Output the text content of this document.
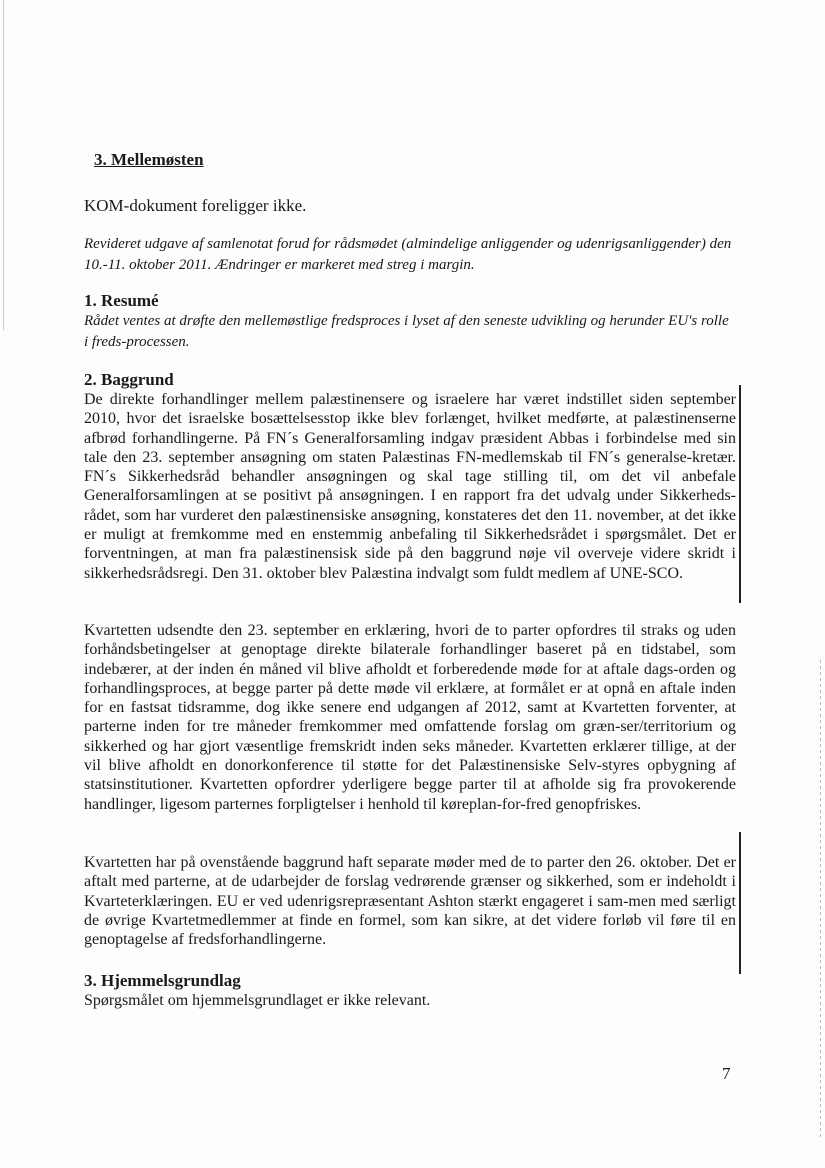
3. Mellemøsten

KOM-dokument foreligger ikke.

Revideret udgave af samlenotat forud for rådsmødet (almindelige anliggender og udenrigsanliggender) den 10.-11. oktober 2011. Ændringer er markeret med streg i margin.

1. Resumé

Rådet ventes at drøfte den mellemøstlige fredsproces i lyset af den seneste udvikling og herunder EU's rolle i freds-processen.

2. Baggrund

De direkte forhandlinger mellem palæstinensere og israelere har været indstillet siden september 2010, hvor det israelske bosættelsesstop ikke blev forlænget, hvilket medførte, at palæstinenserne afbrød forhandlingerne. På FN´s Generalforsamling indgav præsident Abbas i forbindelse med sin tale den 23. september ansøgning om staten Palæstinas FN-medlemskab til FN´s generalse-kretær. FN´s Sikkerhedsråd behandler ansøgningen og skal tage stilling til, om det vil anbefale Generalforsamlingen at se positivt på ansøgningen. I en rapport fra det udvalg under Sikkerheds-rådet, som har vurderet den palæstinensiske ansøgning, konstateres det den 11. november, at det ikke er muligt at fremkomme med en enstemmig anbefaling til Sikkerhedsrådet i spørgsmålet. Det er forventningen, at man fra palæstinensisk side på den baggrund nøje vil overveje videre skridt i sikkerhedsrådsregi. Den 31. oktober blev Palæstina indvalgt som fuldt medlem af UNE-SCO.

Kvartetten udsendte den 23. september en erklæring, hvori de to parter opfordres til straks og uden forhåndsbetingelser at genoptage direkte bilaterale forhandlinger baseret på en tidstabel, som indebærer, at der inden én måned vil blive afholdt et forberedende møde for at aftale dags-orden og forhandlingsproces, at begge parter på dette møde vil erklære, at formålet er at opnå en aftale inden for en fastsat tidsramme, dog ikke senere end udgangen af 2012, samt at Kvartetten forventer, at parterne inden for tre måneder fremkommer med omfattende forslag om græn-ser/territorium og sikkerhed og har gjort væsentlige fremskridt inden seks måneder. Kvartetten erklærer tillige, at der vil blive afholdt en donorkonference til støtte for det Palæstinensiske Selv-styres opbygning af statsinstitutioner. Kvartetten opfordrer yderligere begge parter til at afholde sig fra provokerende handlinger, ligesom parternes forpligtelser i henhold til køreplan-for-fred genopfriskes.

Kvartetten har på ovenstående baggrund haft separate møder med de to parter den 26. oktober. Det er aftalt med parterne, at de udarbejder de forslag vedrørende grænser og sikkerhed, som er indeholdt i Kvarteterklæringen. EU er ved udenrigsrepræsentant Ashton stærkt engageret i sam-men med særligt de øvrige Kvartetmedlemmer at finde en formel, som kan sikre, at det videre forløb vil føre til en genoptagelse af fredsforhandlingerne.

3. Hjemmelsgrundlag

Spørgsmålet om hjemmelsgrundlaget er ikke relevant.

7
